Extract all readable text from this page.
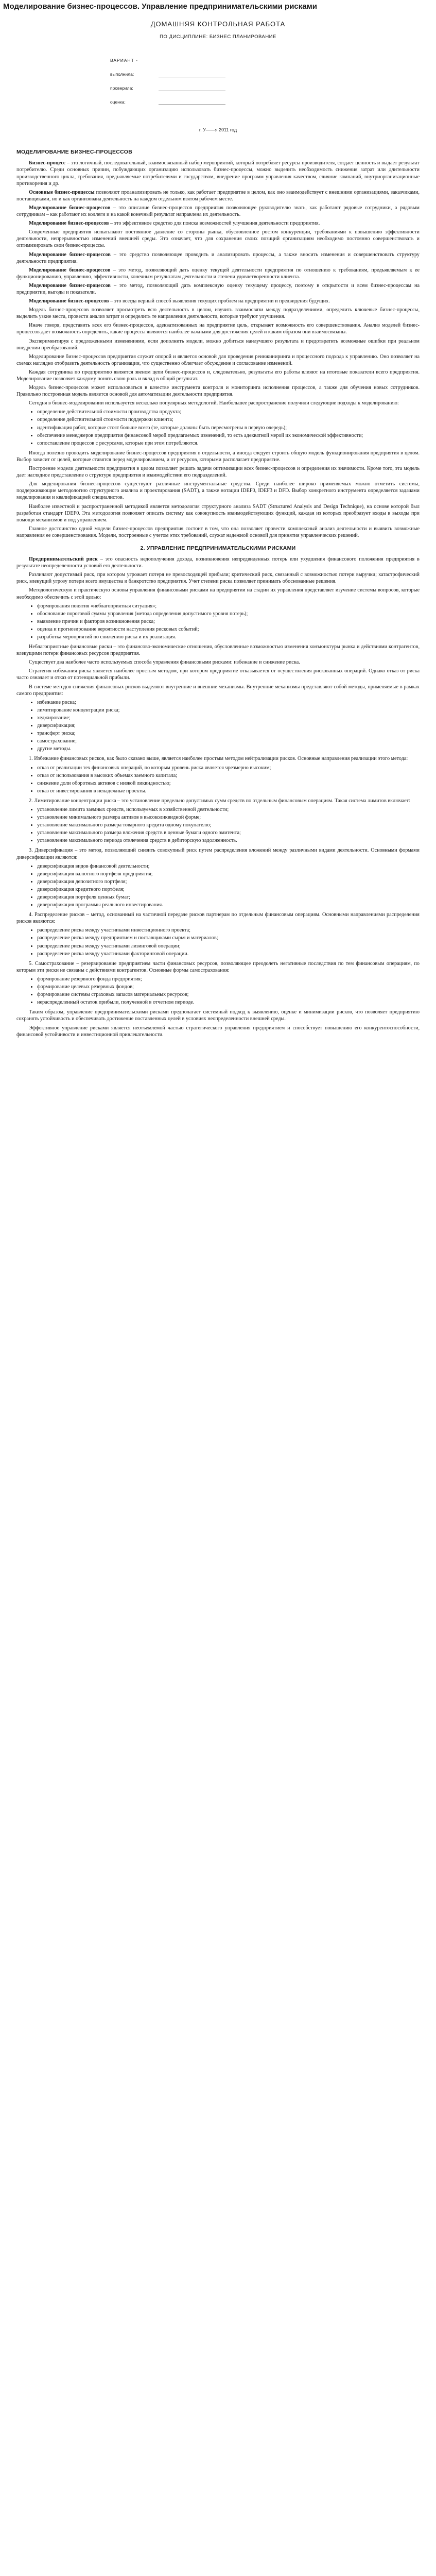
Моделирование бизнес-процессов. Управление предпринимательскими рисками
ДОМАШНЯЯ КОНТРОЛЬНАЯ РАБОТА
ПО ДИСЦИПЛИНЕ: БИЗНЕС ПЛАНИРОВАНИЕ
ВАРИАНТ -
выполнила:
проверила:
оценка:
г. У——я 2011 год
МОДЕЛИРОВАНИЕ БИЗНЕС-ПРОЦЕССОВ

Бизнес-процесс – это логичный, последовательный, взаимосвязанный набор мероприятий, который потребляет ресурсы производителя, создает ценность и выдает результат потребителю. Среди основных причин, побуждающих организацию использовать бизнес-процессы, можно выделить необходимость снижения затрат или длительности производственного цикла, требования, предъявляемые потребителями и государством, внедрение программ управления качеством, слияние компаний, внутриорганизационные противоречия и др.

Основные бизнес-процессы позволяют проанализировать не только, как работает предприятие в целом, как оно взаимодействует с внешними организациями, заказчиками, поставщиками, но и как организована деятельность на каждом отдельном взятом рабочем месте.

Моделирование бизнес-процессов – это описание бизнес-процессов предприятия позволяющее руководителю знать, как работают рядовые сотрудники, а рядовым сотрудникам – как работают их коллеги и на какой конечный результат направлена их деятельность.

Моделирование бизнес-процессов – это эффективное средство для поиска возможностей улучшения деятельности предприятия.

Современные предприятия испытывают постоянное давление со стороны рынка, обусловленное ростом конкуренции, требованиями к повышению эффективности деятельности, непрерывностью изменений внешней среды. Это означает, что для сохранения своих позиций организациям необходимо постоянно совершенствовать и оптимизировать свои бизнес-процессы.

Моделирование бизнес-процессов – это средство позволяющее проводить и анализировать процессы, а также вносить изменения и совершенствовать структуру деятельности предприятия.

Моделирование бизнес-процессов – это метод, позволяющий дать оценку текущей деятельности предприятия по отношению к требованиям, предъявляемым к ее функционированию, управлению, эффективности, конечным результатам деятельности и степени удовлетворенности клиента.

Моделирование бизнес-процессов – это метод, позволяющий дать комплексную оценку текущему процессу, поэтому в открытости и всем бизнес-процессам на предприятии, выгоды и показатели.

Моделирование бизнес-процессов – это всегда верный способ выявления текущих проблем на предприятии и предвидения будущих.

Модель бизнес-процессов позволяет просмотреть всю деятельность в целом, изучить взаимосвязи между подразделениями, определить ключевые бизнес-процессы, выделить узкие места, провести анализ затрат и определить те направления деятельности, которые требуют улучшения.

Иначе говоря, представить всех его бизнес-процессов, адекватизованных на предприятие цель, открывает возможность его совершенствования. Анализ моделей бизнес-процессов дает возможность определить, какие процессы являются наиболее важными для достижения целей и каким образом они взаимосвязаны.

Экспериментируя с предложенными изменениями, если дополнить модели, можно добиться наилучшего результата и предотвратить возможные ошибки при реальном внедрении преобразований.

Моделирование бизнес-процессов предприятия служит опорой и является основой для проведения реинжиниринга и процессного подхода к управлению. Оно позволяет на схемах наглядно отобразить деятельность организации, что существенно облегчает обсуждение и согласование изменений.

Каждая сотрудника по предприятию является звеном цепи бизнес-процессов и, следовательно, результаты его работы влияют на итоговые показатели всего предприятия. Моделирование позволяет каждому понять свою роль и вклад в общий результат.

Модель бизнес-процессов может использоваться в качестве инструмента контроля и мониторинга исполнения процессов, а также для обучения новых сотрудников. Правильно построенная модель является основой для автоматизации деятельности предприятия.

Сегодня в бизнес-моделировании используется несколько популярных методологий. Наибольшее распространение получили следующие подходы к моделированию:

• определение действительной стоимости производства продукта;
• определение действительной стоимости поддержки клиента;
• идентификация работ, которые стоят больше всего (те, которые должны быть пересмотрены в первую очередь);
• обеспечение менеджеров предприятия финансовой мерой предлагаемых изменений, то есть адекватной мерой их экономической эффективности;
• сопоставление процессов с ресурсами, которые при этом потребляются.

Иногда полезно проводить моделирование бизнес-процессов предприятия в отдельности, а иногда следует строить общую модель функционирования предприятия в целом. Выбор зависит от целей, которые ставятся перед моделированием, и от ресурсов, которыми располагает предприятие.

Построение модели деятельности предприятия в целом позволяет решать задачи оптимизации всех бизнес-процессов и определения их значимости. Кроме того, эта модель дает наглядное представление о структуре предприятия и взаимодействии его подразделений.

Для моделирования бизнес-процессов существуют различные инструментальные средства. Среди наиболее широко применяемых можно отметить системы, поддерживающие методологию структурного анализа и проектирования (SADT), а также нотации IDEF0, IDEF3 и DFD. Выбор конкретного инструмента определяется задачами моделирования и квалификацией специалистов.

Наиболее известной и распространенной методикой является методология структурного анализа SADT (Structured Analysis and Design Technique), на основе которой был разработан стандарт IDEF0. Эта методология позволяет описать систему как совокупность взаимодействующих функций, каждая из которых преобразует входы в выходы при помощи механизмов и под управлением.

Главное достоинство одной модели бизнес-процессов предприятия состоит в том, что она позволяет провести комплексный анализ деятельности и выявить возможные направления ее совершенствования. Модели, построенные с учетом этих требований, служат надежной основой для принятия управленческих решений.

2. УПРАВЛЕНИЕ ПРЕДПРИНИМАТЕЛЬСКИМИ РИСКАМИ

Предпринимательский риск – это опасность недополучения дохода, возникновения непредвиденных потерь или ухудшения финансового положения предприятия в результате неопределенности условий его деятельности.

Различают допустимый риск, при котором угрожает потеря не превосходящей прибыли; критический риск, связанный с возможностью потери выручки; катастрофический риск, влекущий угрозу потери всего имущества и банкротство предприятия. Учет степени риска позволяет принимать обоснованные решения.

Методологическую и практическую основы управления финансовыми рисками на предприятии на стадии их управления представляет изучение системы вопросов, которые необходимо обеспечить с этой целью:

• формирования понятия «неблагоприятная ситуация»;
• обоснование пороговой суммы управления (метода определения допустимого уровня потерь);
• выявление причин и факторов возникновения риска;
• оценка и прогнозирование вероятности наступления рисковых событий;
• разработка мероприятий по снижению риска и их реализация.

Неблагоприятные финансовые риски – это финансово-экономические отношения, обусловленные возможностью изменения конъюнктуры рынка и действиями контрагентов, влекущими потери финансовых ресурсов предприятия.

Существует два наиболее часто используемых способа управления финансовыми рисками: избежание и снижение риска.

Стратегия избежания риска является наиболее простым методом, при котором предприятие отказывается от осуществления рискованных операций. Однако отказ от риска часто означает и отказ от потенциальной прибыли.

В системе методов снижения финансовых рисков выделяют внутренние и внешние механизмы. Внутренние механизмы представляют собой методы, применяемые в рамках самого предприятия:

• избежание риска;
• лимитирование концентрации риска;
• хеджирование;
• диверсификация;
• трансферт риска;
• самострахование;
• другие методы.

1. Избежание финансовых рисков, как было сказано выше, является наиболее простым методом нейтрализации рисков. Основные направления реализации этого метода:

• отказ от реализации тех финансовых операций, по которым уровень риска является чрезмерно высоким;
• отказ от использования в высоких объемах заемного капитала;
• снижение доли оборотных активов с низкой ликвидностью;
• отказ от инвестирования в ненадежные проекты.

2. Лимитирование концентрации риска – это установление предельно допустимых сумм средств по отдельным финансовым операциям. Такая система лимитов включает:

• установление лимита заемных средств, используемых в хозяйственной деятельности;
• установление минимального размера активов в высоколиквидной форме;
• установление максимального размера товарного кредита одному покупателю;
• установление максимального размера вложения средств в ценные бумаги одного эмитента;
• установление максимального периода отвлечения средств в дебиторскую задолженность.

3. Диверсификация – это метод, позволяющий снизить совокупный риск путем распределения вложений между различными видами деятельности. Основными формами диверсификации являются:

• диверсификация видов финансовой деятельности;
• диверсификация валютного портфеля предприятия;
• диверсификация депозитного портфеля;
• диверсификация кредитного портфеля;
• диверсификация портфеля ценных бумаг;
• диверсификация программы реального инвестирования.

4. Распределение рисков – метод, основанный на частичной передаче рисков партнерам по отдельным финансовым операциям. Основными направлениями распределения рисков являются:

• распределение риска между участниками инвестиционного проекта;
• распределение риска между предприятием и поставщиками сырья и материалов;
• распределение риска между участниками лизинговой операции;
• распределение риска между участниками факторинговой операции.

5. Самострахование – резервирование предприятием части финансовых ресурсов, позволяющее преодолеть негативные последствия по тем финансовым операциям, по которым эти риски не связаны с действиями контрагентов. Основные формы самострахования:

• формирование резервного фонда предприятия;
• формирование целевых резервных фондов;
• формирование системы страховых запасов материальных ресурсов;
• нераспределенный остаток прибыли, полученной в отчетном периоде.

Таким образом, управление предпринимательскими рисками предполагает системный подход к выявлению, оценке и минимизации рисков, что позволяет предприятию сохранять устойчивость и обеспечивать достижение поставленных целей в условиях неопределенности внешней среды.

Эффективное управление рисками является неотъемлемой частью стратегического управления предприятием и способствует повышению его конкурентоспособности, финансовой устойчивости и инвестиционной привлекательности.
